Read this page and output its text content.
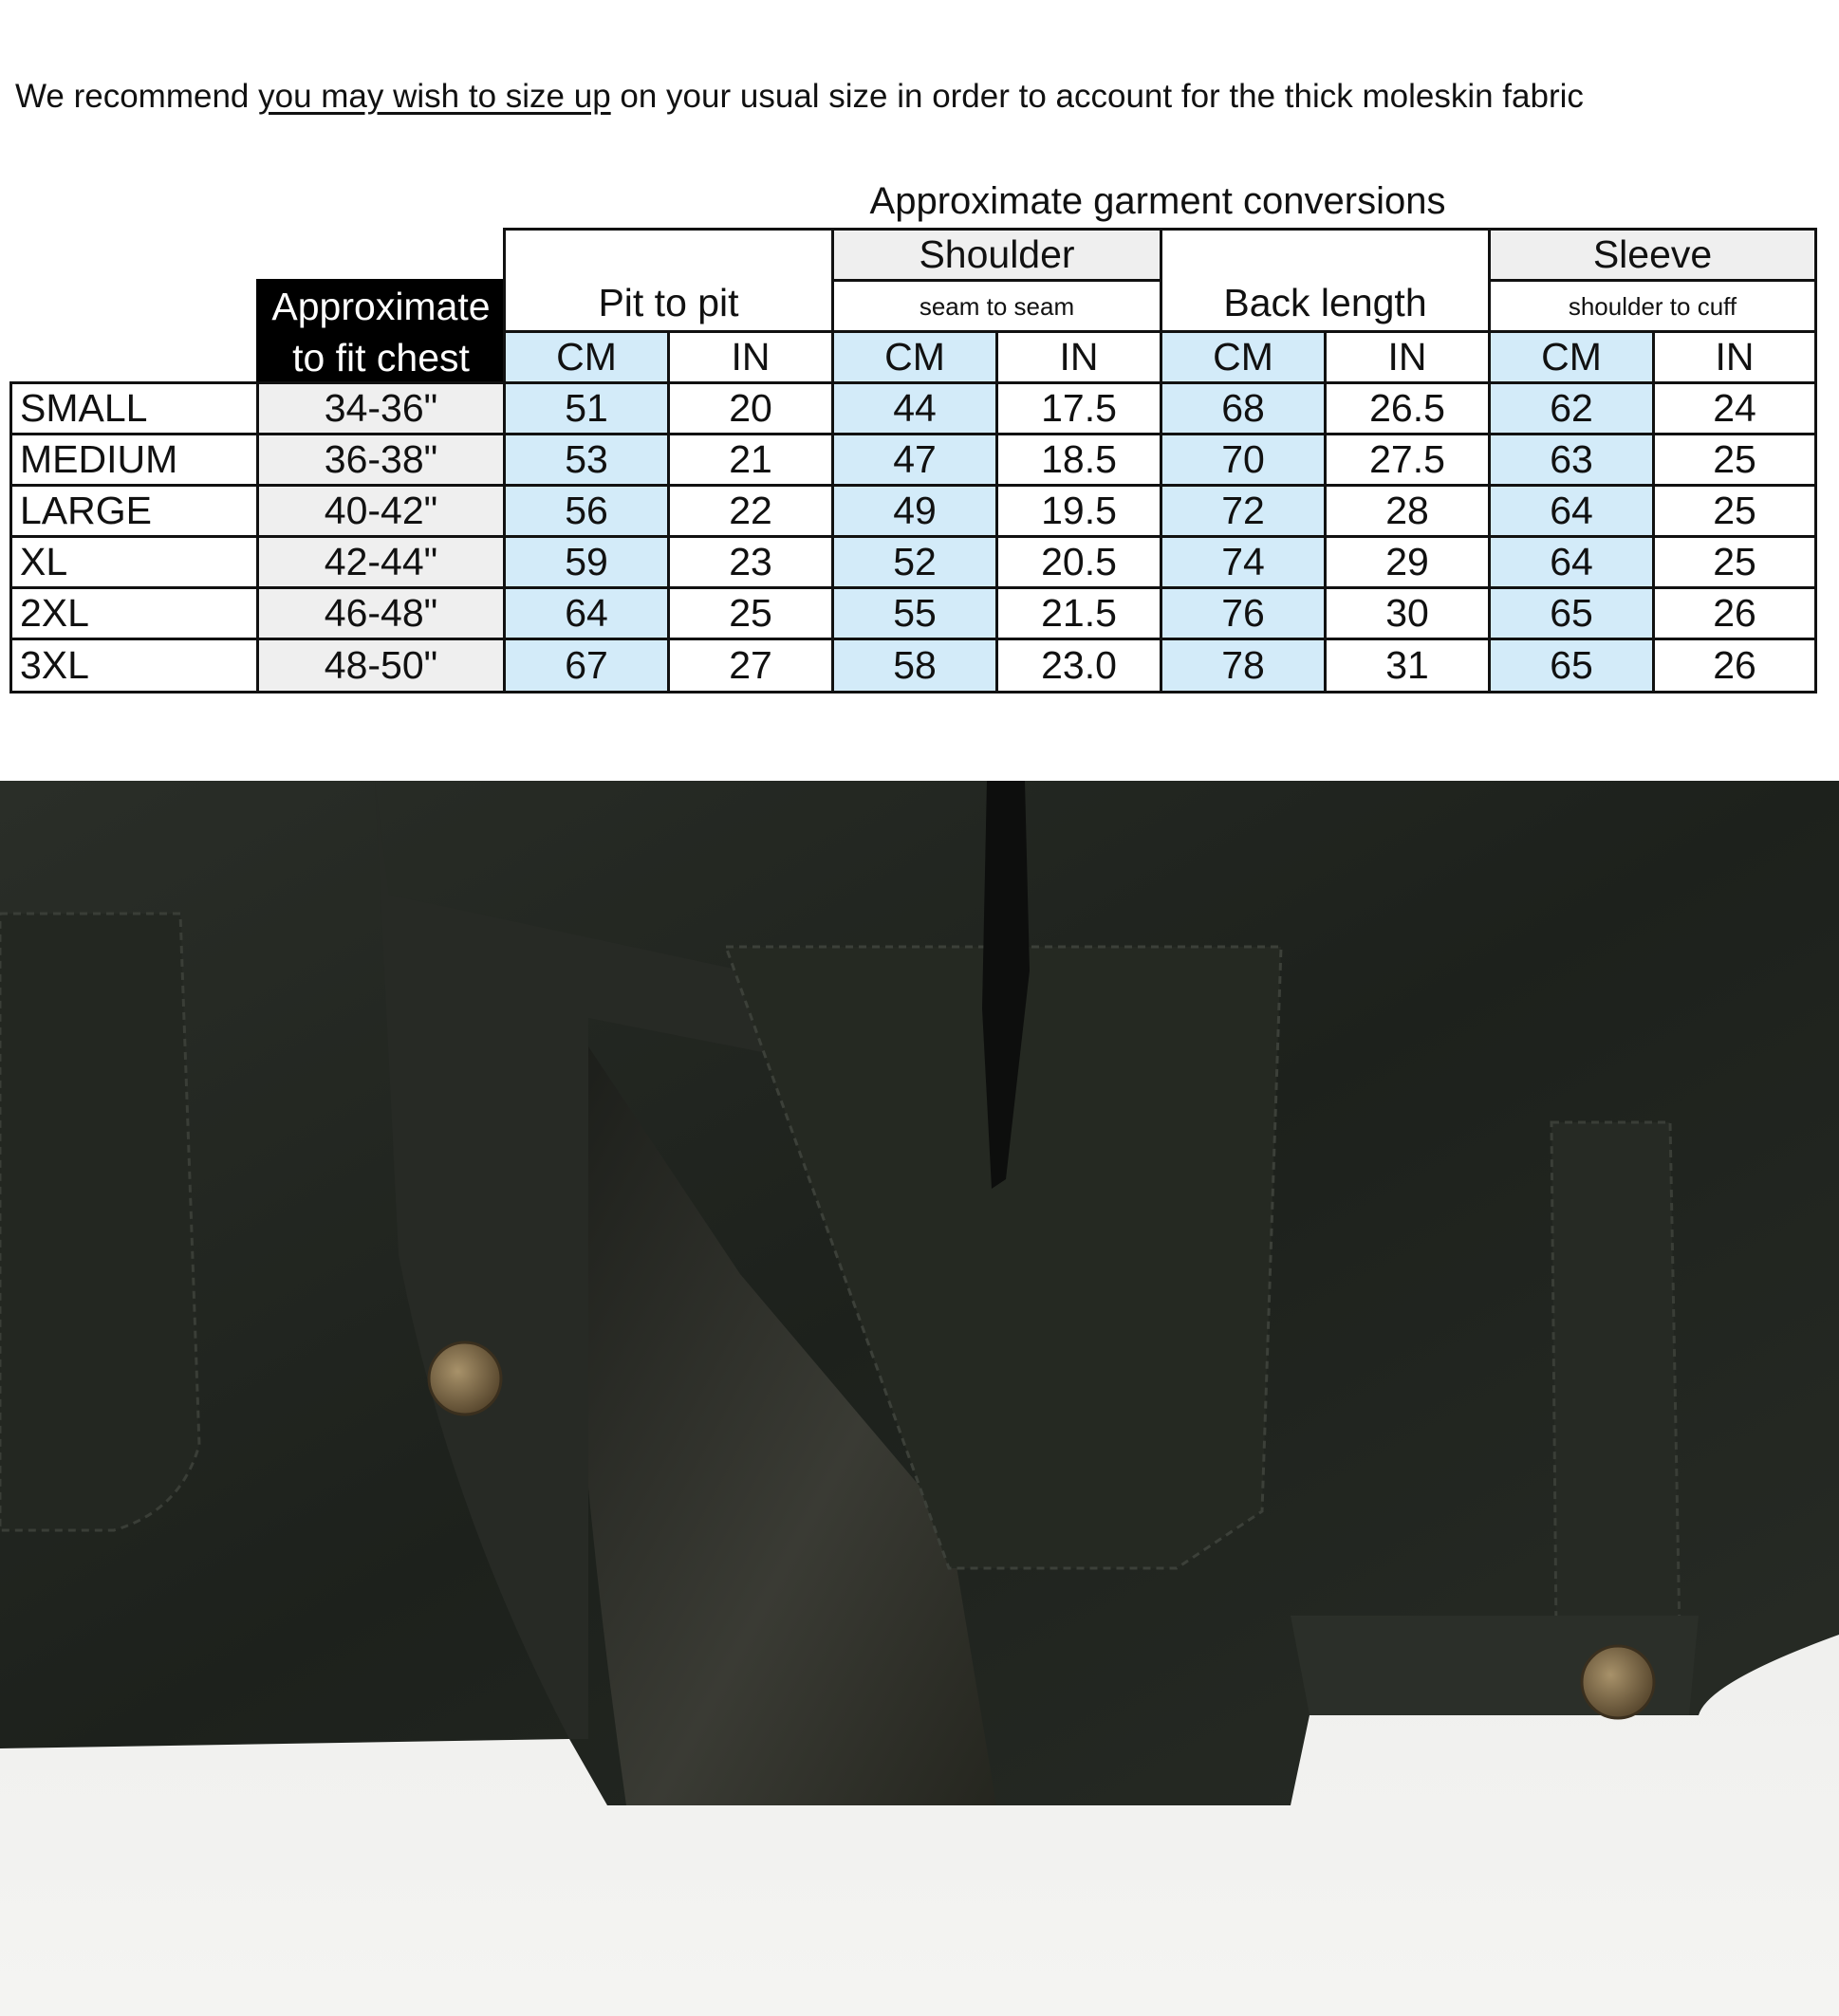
We recommend you may wish to size up on your usual size in order to account for the thick moleskin fabric
Approximate garment conversions
Approximate
to fit chest
Pit to pit
CM	IN
Shoulder
seam to seam
CM	IN
Back length
CM	IN
Sleeve
shoulder to cuff
CM	IN
SMALL	34-36"	51	20	44	17.5	68	26.5	62	24
MEDIUM	36-38"	53	21	47	18.5	70	27.5	63	25
LARGE	40-42"	56	22	49	19.5	72	28	64	25
XL	42-44"	59	23	52	20.5	74	29	64	25
2XL	46-48"	64	25	55	21.5	76	30	65	26
3XL	48-50"	67	27	58	23.0	78	31	65	26
